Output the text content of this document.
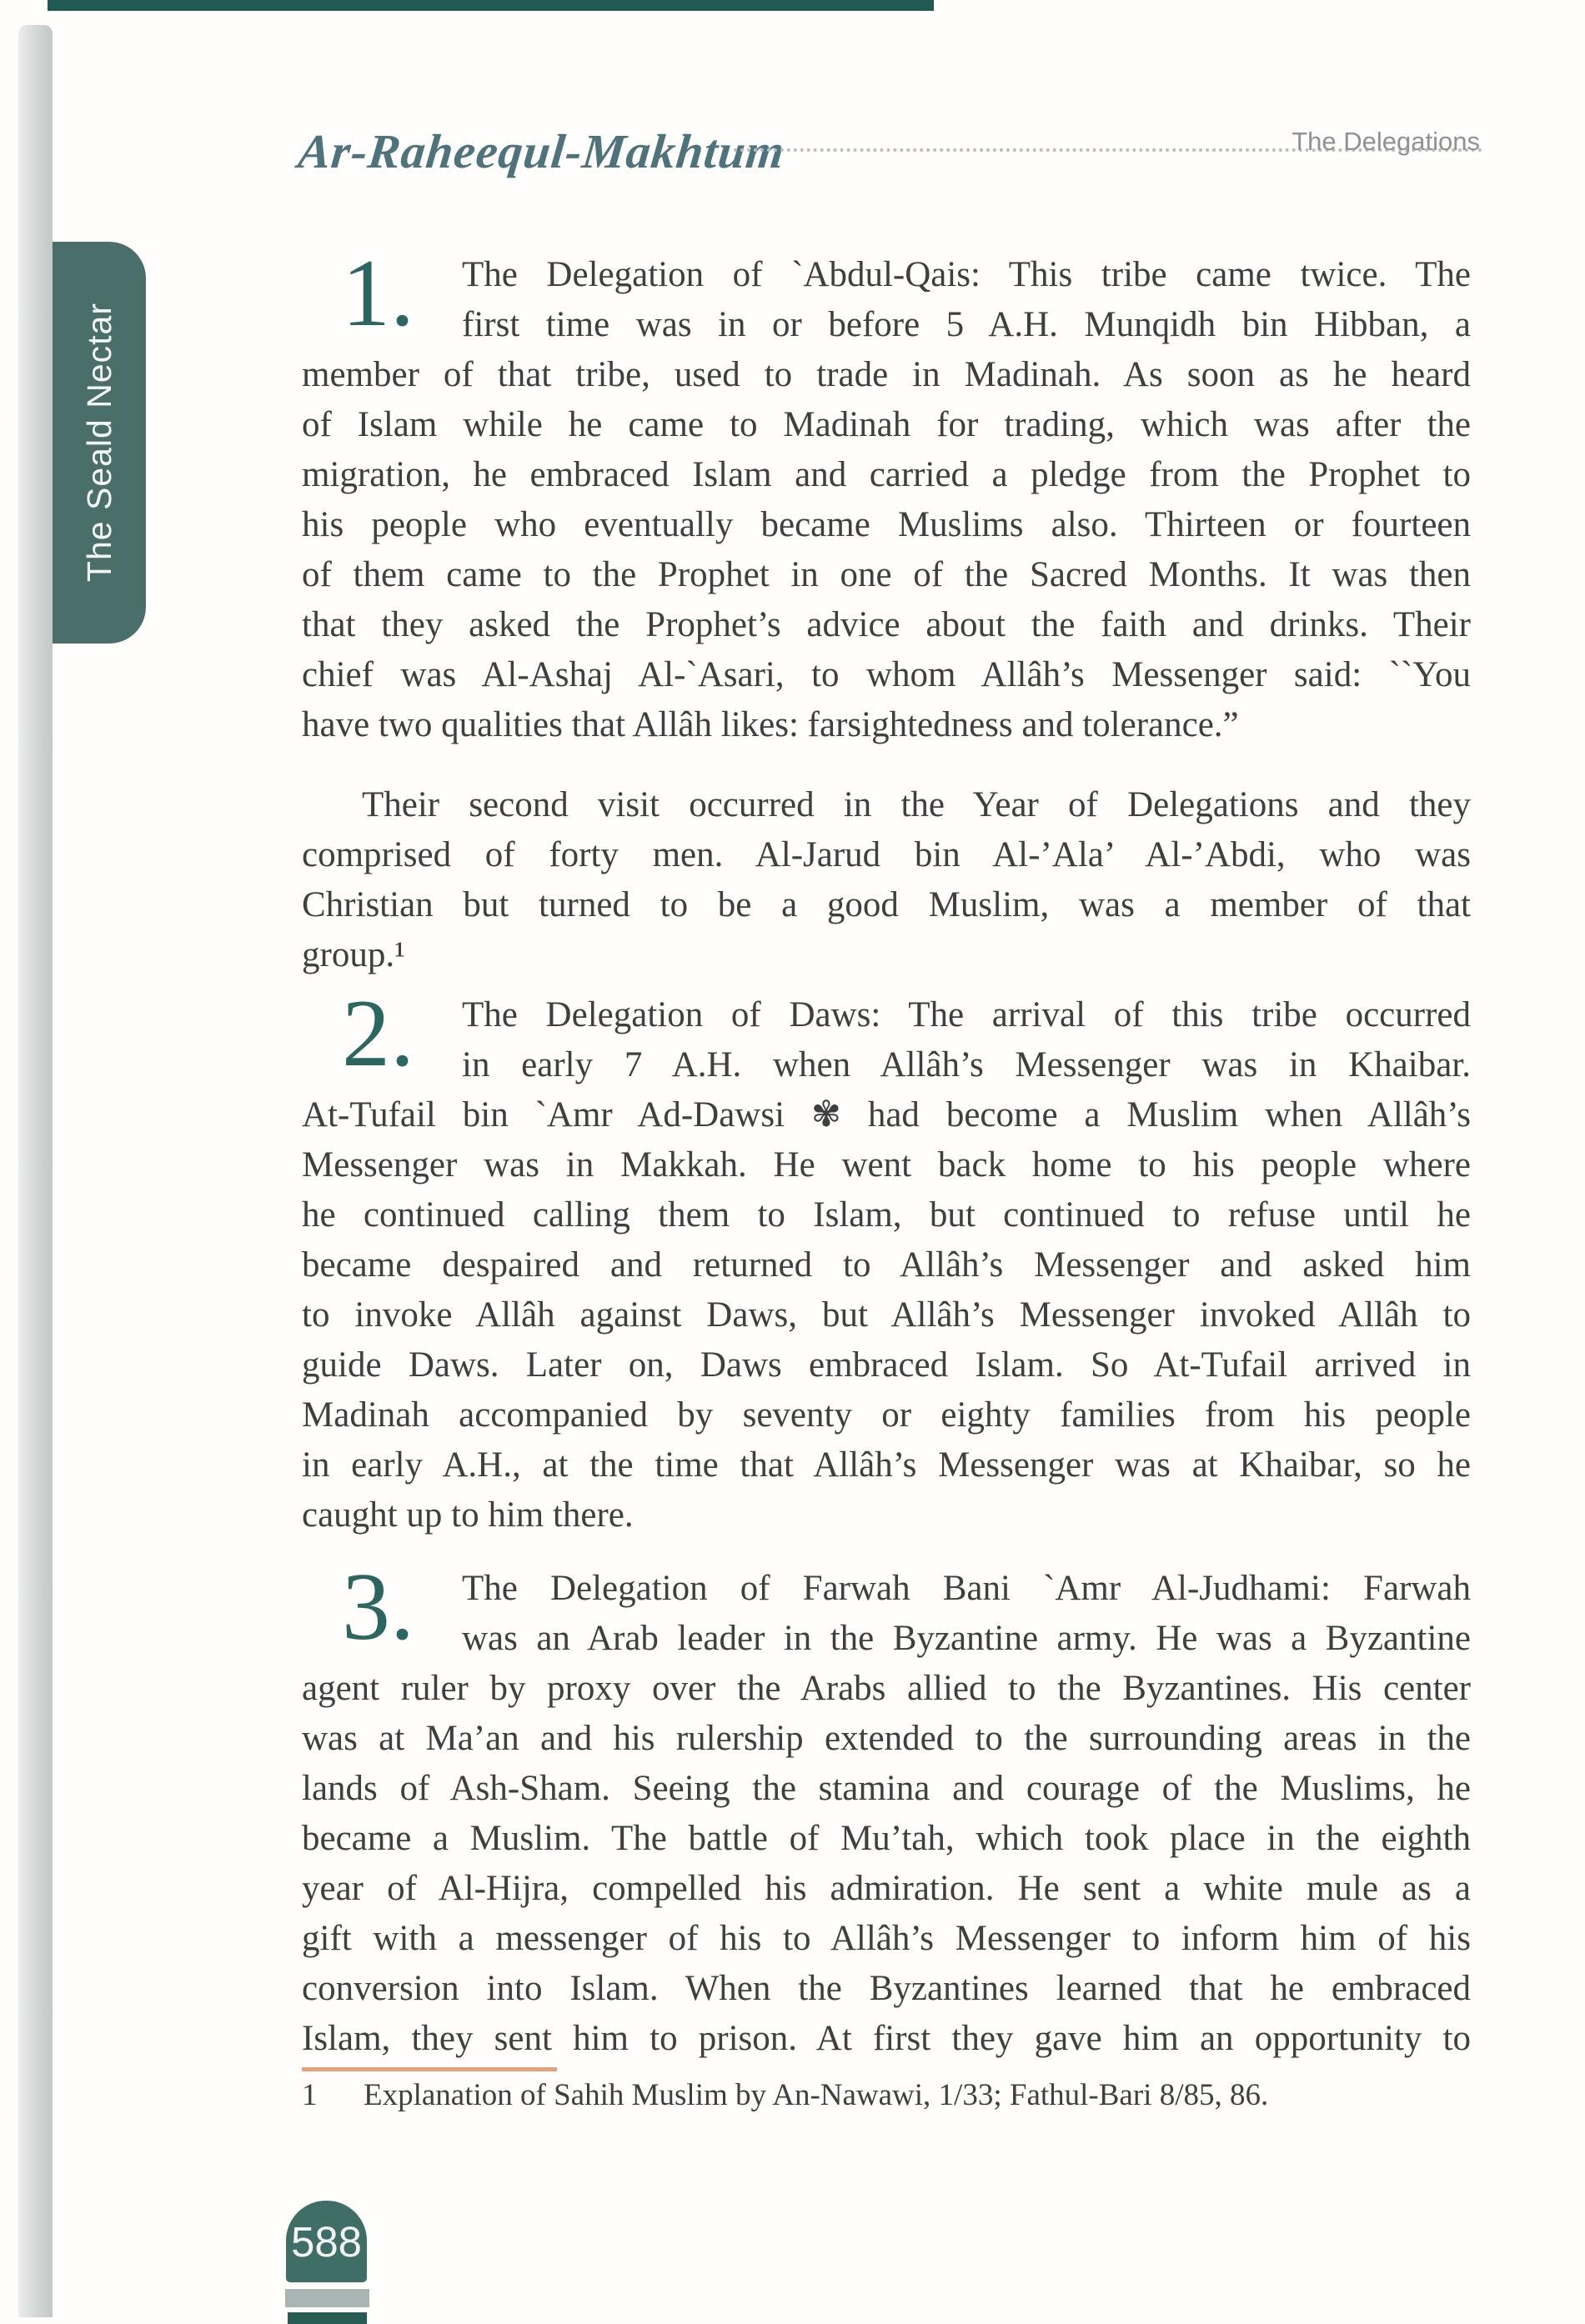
The Seald Nectar
Ar-Raheequl-Makhtum	The Delegations
1. The Delegation of `Abdul-Qais: This tribe came twice. The
first time was in or before 5 A.H. Munqidh bin Hibban, a
member of that tribe, used to trade in Madinah. As soon as he heard
of Islam while he came to Madinah for trading, which was after the
migration, he embraced Islam and carried a pledge from the Prophet to
his people who eventually became Muslims also. Thirteen or fourteen
of them came to the Prophet in one of the Sacred Months. It was then
that they asked the Prophet’s advice about the faith and drinks. Their
chief was Al-Ashaj Al-`Asari, to whom Allâh’s Messenger said: ``You
have two qualities that Allâh likes: farsightedness and tolerance.”
Their second visit occurred in the Year of Delegations and they
comprised of forty men. Al-Jarud bin Al-’Ala’ Al-’Abdi, who was
Christian but turned to be a good Muslim, was a member of that
group.¹
2. The Delegation of Daws: The arrival of this tribe occurred
in early 7 A.H. when Allâh’s Messenger was in Khaibar.
At-Tufail bin `Amr Ad-Dawsi ✾ had become a Muslim when Allâh’s
Messenger was in Makkah. He went back home to his people where
he continued calling them to Islam, but continued to refuse until he
became despaired and returned to Allâh’s Messenger and asked him
to invoke Allâh against Daws, but Allâh’s Messenger invoked Allâh to
guide Daws. Later on, Daws embraced Islam. So At-Tufail arrived in
Madinah accompanied by seventy or eighty families from his people
in early A.H., at the time that Allâh’s Messenger was at Khaibar, so he
caught up to him there.
3. The Delegation of Farwah Bani `Amr Al-Judhami: Farwah
was an Arab leader in the Byzantine army. He was a Byzantine
agent ruler by proxy over the Arabs allied to the Byzantines. His center
was at Ma’an and his rulership extended to the surrounding areas in the
lands of Ash-Sham. Seeing the stamina and courage of the Muslims, he
became a Muslim. The battle of Mu’tah, which took place in the eighth
year of Al-Hijra, compelled his admiration. He sent a white mule as a
gift with a messenger of his to Allâh’s Messenger to inform him of his
conversion into Islam. When the Byzantines learned that he embraced
Islam, they sent him to prison. At first they gave him an opportunity to
1 Explanation of Sahih Muslim by An-Nawawi, 1/33; Fathul-Bari 8/85, 86.
588
